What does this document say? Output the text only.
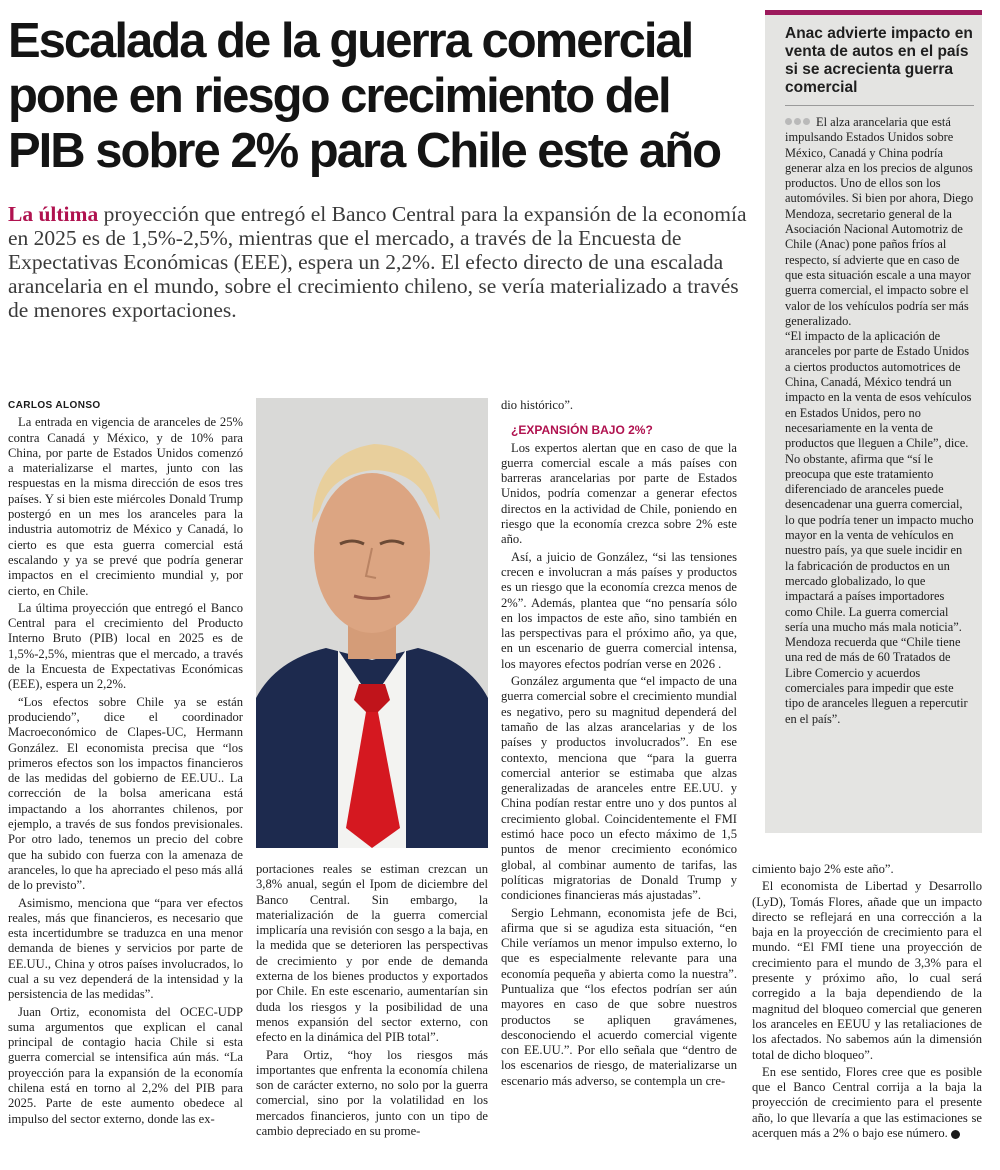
Escalada de la guerra comercial pone en riesgo crecimiento del PIB sobre 2% para Chile este año

La última proyección que entregó el Banco Central para la expansión de la economía en 2025 es de 1,5%-2,5%, mientras que el mercado, a través de la Encuesta de Expectativas Económicas (EEE), espera un 2,2%. El efecto directo de una escalada arancelaria en el mundo, sobre el crecimiento chileno, se vería materializado a través de menores exportaciones.

CARLOS ALONSO

La entrada en vigencia de aranceles de 25% contra Canadá y México, y de 10% para China, por parte de Estados Unidos comenzó a materializarse el martes, junto con las respuestas en la misma dirección de esos tres países. Y si bien este miércoles Donald Trump postergó en un mes los aranceles para la industria automotriz de México y Canadá, lo cierto es que esta guerra comercial está escalando y ya se prevé que podría generar impactos en el crecimiento mundial y, por cierto, en Chile.

La última proyección que entregó el Banco Central para el crecimiento del Producto Interno Bruto (PIB) local en 2025 es de 1,5%-2,5%, mientras que el mercado, a través de la Encuesta de Expectativas Económicas (EEE), espera un 2,2%.

“Los efectos sobre Chile ya se están produciendo”, dice el coordinador Macroeconómico de Clapes-UC, Hermann González. El economista precisa que “los primeros efectos son los impactos financieros de las medidas del gobierno de EE.UU.. La corrección de la bolsa americana está impactando a los ahorrantes chilenos, por ejemplo, a través de sus fondos previsionales. Por otro lado, tenemos un precio del cobre que ha subido con fuerza con la amenaza de aranceles, lo que ha apreciado el peso más allá de lo previsto”.

Asimismo, menciona que “para ver efectos reales, más que financieros, es necesario que esta incertidumbre se traduzca en una menor demanda de bienes y servicios por parte de EE.UU., China y otros países involucrados, lo cual a su vez dependerá de la intensidad y la persistencia de las medidas”.

Juan Ortiz, economista del OCEC-UDP suma argumentos que explican el canal principal de contagio hacia Chile si esta guerra comercial se intensifica aún más. “La proyección para la expansión de la economía chilena está en torno al 2,2% del PIB para 2025. Parte de este aumento obedece al impulso del sector externo, donde las ex-

portaciones reales se estiman crezcan un 3,8% anual, según el Ipom de diciembre del Banco Central. Sin embargo, la materialización de la guerra comercial implicaría una revisión con sesgo a la baja, en la medida que se deterioren las perspectivas de crecimiento y por ende de demanda externa de los bienes productos y exportados por Chile. En este escenario, aumentarían sin duda los riesgos y la posibilidad de una menos expansión del sector externo, con efecto en la dinámica del PIB total”.

Para Ortiz, “hoy los riesgos más importantes que enfrenta la economía chilena son de carácter externo, no solo por la guerra comercial, sino por la volatilidad en los mercados financieros, junto con un tipo de cambio depreciado en su prome-

dio histórico”.

¿EXPANSIÓN BAJO 2%?

Los expertos alertan que en caso de que la guerra comercial escale a más países con barreras arancelarias por parte de Estados Unidos, podría comenzar a generar efectos directos en la actividad de Chile, poniendo en riesgo que la economía crezca sobre 2% este año.

Así, a juicio de González, “si las tensiones crecen e involucran a más países y productos es un riesgo que la economía crezca menos de 2%”. Además, plantea que “no pensaría sólo en los impactos de este año, sino también en las perspectivas para el próximo año, ya que, en un escenario de guerra comercial intensa, los mayores efectos podrían verse en 2026 .

González argumenta que “el impacto de una guerra comercial sobre el crecimiento mundial es negativo, pero su magnitud dependerá del tamaño de las alzas arancelarias y de los países y productos involucrados”. En ese contexto, menciona que “para la guerra comercial anterior se estimaba que alzas generalizadas de aranceles entre EE.UU. y China podían restar entre uno y dos puntos al crecimiento global. Coincidentemente el FMI estimó hace poco un efecto máximo de 1,5 puntos de menor crecimiento económico global, al combinar aumento de tarifas, las políticas migratorias de Donald Trump y condiciones financieras más ajustadas”.

Sergio Lehmann, economista jefe de Bci, afirma que si se agudiza esta situación, “en Chile veríamos un menor impulso externo, lo que es especialmente relevante para una economía pequeña y abierta como la nuestra”. Puntualiza que “los efectos podrían ser aún mayores en caso de que sobre nuestros productos se apliquen gravámenes, desconociendo el acuerdo comercial vigente con EE.UU.”. Por ello señala que “dentro de los escenarios de riesgo, de materializarse un escenario más adverso, se contempla un cre-

cimiento bajo 2% este año”.

El economista de Libertad y Desarrollo (LyD), Tomás Flores, añade que un impacto directo se reflejará en una corrección a la baja en la proyección de crecimiento para el mundo. “El FMI tiene una proyección de crecimiento para el mundo de 3,3% para el presente y próximo año, lo cual será corregido a la baja dependiendo de la magnitud del bloqueo comercial que generen los aranceles en EEUU y las retaliaciones de los afectados. No sabemos aún la dimensión total de dicho bloqueo”.

En ese sentido, Flores cree que es posible que el Banco Central corrija a la baja la proyección de crecimiento para el presente año, lo que llevaría a que las estimaciones se acerquen más a 2% o bajo ese número.

Anac advierte impacto en venta de autos en el país si se acrecienta guerra comercial

El alza arancelaria que está impulsando Estados Unidos sobre México, Canadá y China podría generar alza en los precios de algunos productos. Uno de ellos son los automóviles. Si bien por ahora, Diego Mendoza, secretario general de la Asociación Nacional Automotriz de Chile (Anac) pone paños fríos al respecto, sí advierte que en caso de que esta situación escale a una mayor guerra comercial, el impacto sobre el valor de los vehículos podría ser más generalizado.

“El impacto de la aplicación de aranceles por parte de Estado Unidos a ciertos productos automotrices de China, Canadá, México tendrá un impacto en la venta de esos vehículos en Estados Unidos, pero no necesariamente en la venta de productos que lleguen a Chile”, dice.

No obstante, afirma que “sí le preocupa que este tratamiento diferenciado de aranceles puede desencadenar una guerra comercial, lo que podría tener un impacto mucho mayor en la venta de vehículos en nuestro país, ya que suele incidir en la fabricación de productos en un mercado globalizado, lo que impactará a países importadores como Chile. La guerra comercial sería una mucho más mala noticia”.

Mendoza recuerda que “Chile tiene una red de más de 60 Tratados de Libre Comercio y acuerdos comerciales para impedir que este tipo de aranceles lleguen a repercutir en el país”.
